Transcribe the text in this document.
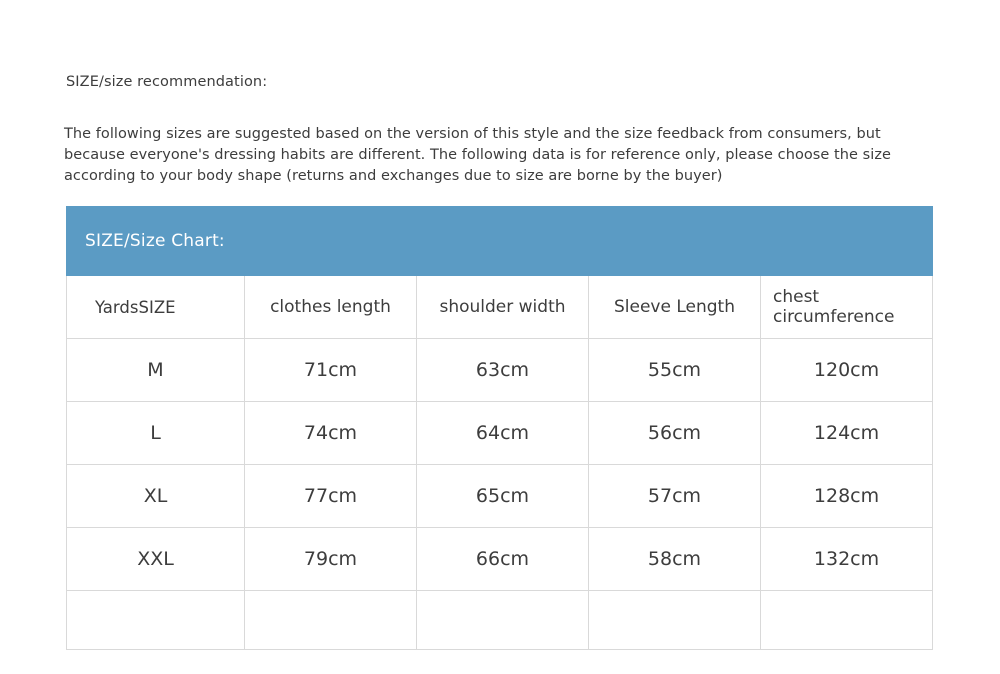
SIZE/size recommendation:
The following sizes are suggested based on the version of this style and the size feedback from consumers, but because everyone's dressing habits are different. The following data is for reference only, please choose the size according to your body shape (returns and exchanges due to size are borne by the buyer)
SIZE/Size Chart:				
YardsSIZE	clothes length	shoulder width	Sleeve Length	chest circumference
M	71cm	63cm	55cm	120cm
L	74cm	64cm	56cm	124cm
XL	77cm	65cm	57cm	128cm
XXL	79cm	66cm	58cm	132cm
